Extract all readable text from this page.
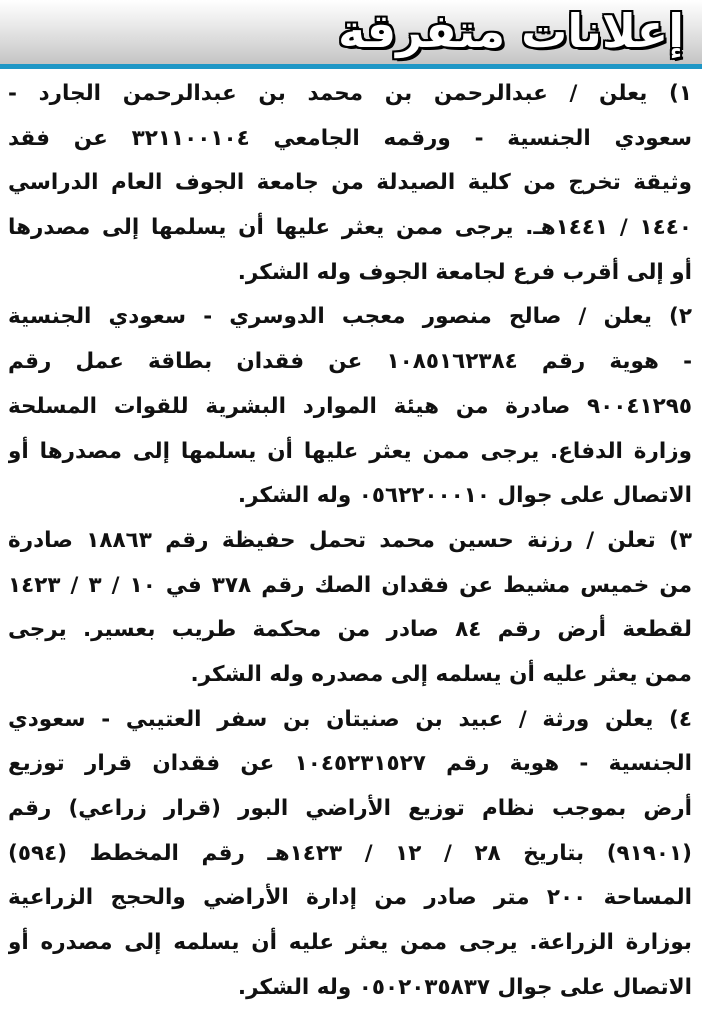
إعلانات متفرقة
١) يعلن / عبدالرحمن بن محمد بن عبدالرحمن الجارد -
سعودي الجنسية - ورقمه الجامعي ٣٢١١٠٠١٠٤ عن فقد
وثيقة تخرج من كلية الصيدلة من جامعة الجوف العام الدراسي
١٤٤٠ / ١٤٤١هـ. يرجى ممن يعثر عليها أن يسلمها إلى مصدرها
أو إلى أقرب فرع لجامعة الجوف وله الشكر.
٢) يعلن / صالح منصور معجب الدوسري - سعودي الجنسية
- هوية رقم ١٠٨٥١٦٢٣٨٤ عن فقدان بطاقة عمل رقم
٩٠٠٤١٢٩٥ صادرة من هيئة الموارد البشرية للقوات المسلحة
وزارة الدفاع. يرجى ممن يعثر عليها أن يسلمها إلى مصدرها أو
الاتصال على جوال ٠٥٦٢٢٠٠٠١٠ وله الشكر.
٣) تعلن / رزنة حسين محمد تحمل حفيظة رقم ١٨٨٦٣ صادرة
من خميس مشيط عن فقدان الصك رقم ٣٧٨ في ١٠ / ٣ / ١٤٢٣
لقطعة أرض رقم ٨٤ صادر من محكمة طريب بعسير. يرجى
ممن يعثر عليه أن يسلمه إلى مصدره وله الشكر.
٤) يعلن ورثة / عبيد بن صنيتان بن سفر العتيبي - سعودي
الجنسية - هوية رقم ١٠٤٥٢٣١٥٢٧ عن فقدان قرار توزيع
أرض بموجب نظام توزيع الأراضي البور (قرار زراعي) رقم
(٩١٩٠١) بتاريخ ٢٨ / ١٢ / ١٤٢٣هـ رقم المخطط (٥٩٤)
المساحة ٢٠٠ متر صادر من إدارة الأراضي والحجج الزراعية
بوزارة الزراعة. يرجى ممن يعثر عليه أن يسلمه إلى مصدره أو
الاتصال على جوال ٠٥٠٢٠٣٥٨٣٧ وله الشكر.
